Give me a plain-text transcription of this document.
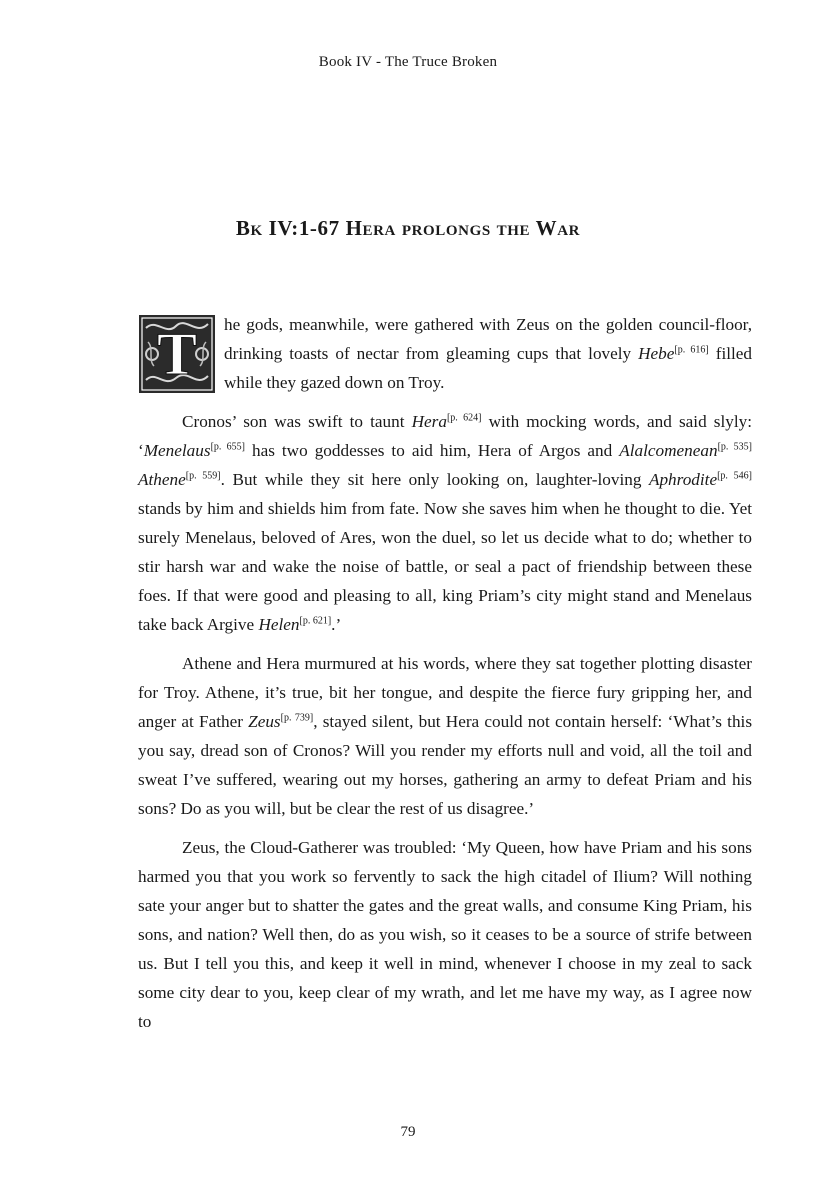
Book IV - The Truce Broken
Bk IV:1-67 Hera prolongs the War

T he gods, meanwhile, were gathered with Zeus on the golden council-floor, drinking toasts of nectar from gleaming cups that lovely Hebe[p. 616] filled while they gazed down on Troy.

Cronos’ son was swift to taunt Hera[p. 624] with mocking words, and said slyly: ‘Menelaus[p. 655] has two goddesses to aid him, Hera of Argos and Alalcomenean[p. 535] Athene[p. 559]. But while they sit here only looking on, laughter-loving Aphrodite[p. 546] stands by him and shields him from fate. Now she saves him when he thought to die. Yet surely Menelaus, beloved of Ares, won the duel, so let us decide what to do; whether to stir harsh war and wake the noise of battle, or seal a pact of friendship between these foes. If that were good and pleasing to all, king Priam’s city might stand and Menelaus take back Argive Helen[p. 621].’

Athene and Hera murmured at his words, where they sat together plotting disaster for Troy. Athene, it’s true, bit her tongue, and despite the fierce fury gripping her, and anger at Father Zeus[p. 739], stayed silent, but Hera could not contain herself: ‘What’s this you say, dread son of Cronos? Will you render my efforts null and void, all the toil and sweat I’ve suffered, wearing out my horses, gathering an army to defeat Priam and his sons? Do as you will, but be clear the rest of us disagree.’

Zeus, the Cloud-Gatherer was troubled: ‘My Queen, how have Priam and his sons harmed you that you work so fervently to sack the high citadel of Ilium? Will nothing sate your anger but to shatter the gates and the great walls, and consume King Priam, his sons, and nation? Well then, do as you wish, so it ceases to be a source of strife between us. But I tell you this, and keep it well in mind, whenever I choose in my zeal to sack some city dear to you, keep clear of my wrath, and let me have my way, as I agree now to

79
